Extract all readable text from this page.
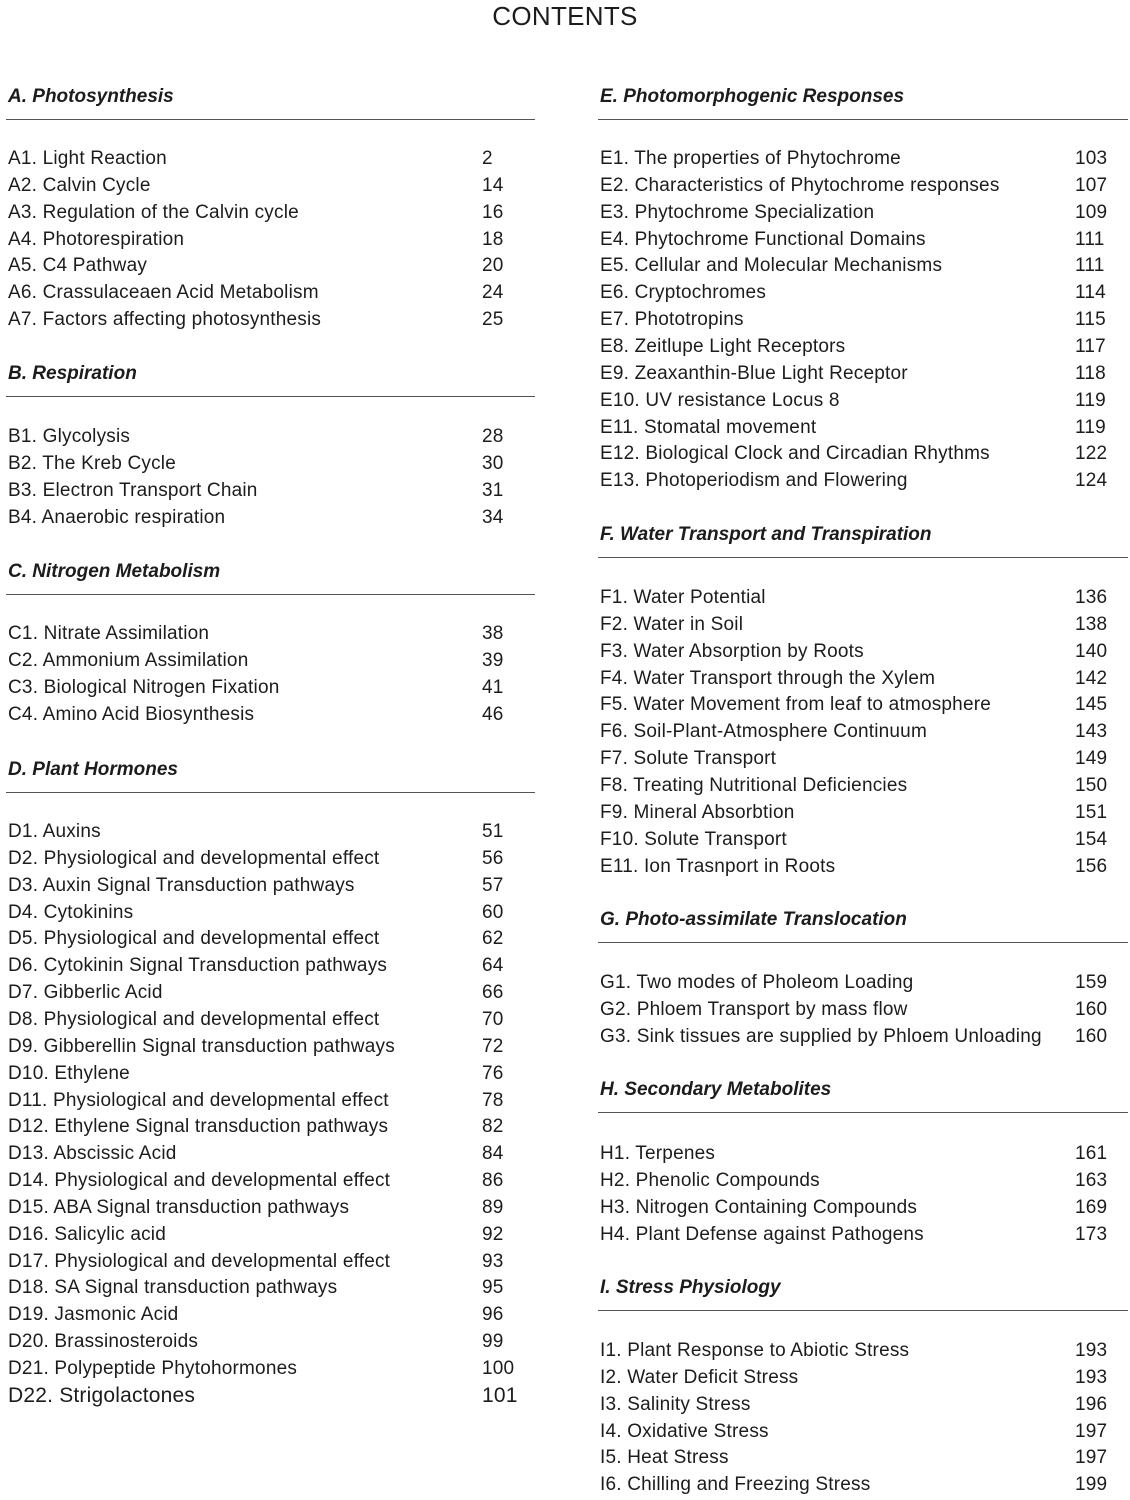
CONTENTS
A. Photosynthesis
A1. Light Reaction	2
A2. Calvin Cycle	14
A3. Regulation of the Calvin cycle	16
A4. Photorespiration	18
A5. C4 Pathway	20
A6. Crassulaceaen Acid Metabolism	24
A7. Factors affecting photosynthesis	25
B. Respiration
B1. Glycolysis	28
B2. The Kreb Cycle	30
B3. Electron Transport Chain	31
B4. Anaerobic respiration	34
C. Nitrogen Metabolism
C1. Nitrate Assimilation	38
C2. Ammonium Assimilation	39
C3. Biological Nitrogen Fixation	41
C4. Amino Acid Biosynthesis	46
D. Plant Hormones
D1. Auxins	51
D2. Physiological and developmental effect	56
D3. Auxin Signal Transduction pathways	57
D4. Cytokinins	60
D5. Physiological and developmental effect	62
D6. Cytokinin Signal Transduction pathways	64
D7. Gibberlic Acid	66
D8. Physiological and developmental effect	70
D9. Gibberellin Signal transduction pathways	72
D10. Ethylene	76
D11. Physiological and developmental effect	78
D12. Ethylene Signal transduction pathways	82
D13. Abscissic Acid	84
D14. Physiological and developmental effect	86
D15. ABA Signal transduction pathways	89
D16. Salicylic acid	92
D17. Physiological and developmental effect	93
D18. SA Signal transduction pathways	95
D19. Jasmonic Acid	96
D20. Brassinosteroids	99
D21. Polypeptide Phytohormones	100
D22. Strigolactones	101
E. Photomorphogenic Responses
E1. The properties of Phytochrome	103
E2. Characteristics of Phytochrome responses	107
E3. Phytochrome Specialization	109
E4. Phytochrome Functional Domains	111
E5. Cellular and Molecular Mechanisms	111
E6. Cryptochromes	114
E7. Phototropins	115
E8. Zeitlupe Light Receptors	117
E9. Zeaxanthin-Blue Light Receptor	118
E10. UV resistance Locus 8	119
E11. Stomatal movement	119
E12. Biological Clock and Circadian Rhythms	122
E13. Photoperiodism and Flowering	124
F. Water Transport and Transpiration
F1. Water Potential	136
F2. Water in Soil	138
F3. Water Absorption by Roots	140
F4. Water Transport through the Xylem	142
F5. Water Movement from leaf to atmosphere	145
F6. Soil-Plant-Atmosphere Continuum	143
F7. Solute Transport	149
F8. Treating Nutritional Deficiencies	150
F9. Mineral Absorbtion	151
F10. Solute Transport	154
E11. Ion Trasnport in Roots	156
G. Photo-assimilate Translocation
G1. Two modes of Pholeom Loading	159
G2. Phloem Transport by mass flow	160
G3. Sink tissues are supplied by Phloem Unloading 160
H. Secondary Metabolites
H1. Terpenes	161
H2. Phenolic Compounds	163
H3. Nitrogen Containing Compounds	169
H4. Plant Defense against Pathogens	173
I. Stress Physiology
I1. Plant Response to Abiotic Stress	193
I2. Water Deficit Stress	193
I3. Salinity Stress	196
I4. Oxidative Stress	197
I5. Heat Stress	197
I6. Chilling and Freezing Stress	199
